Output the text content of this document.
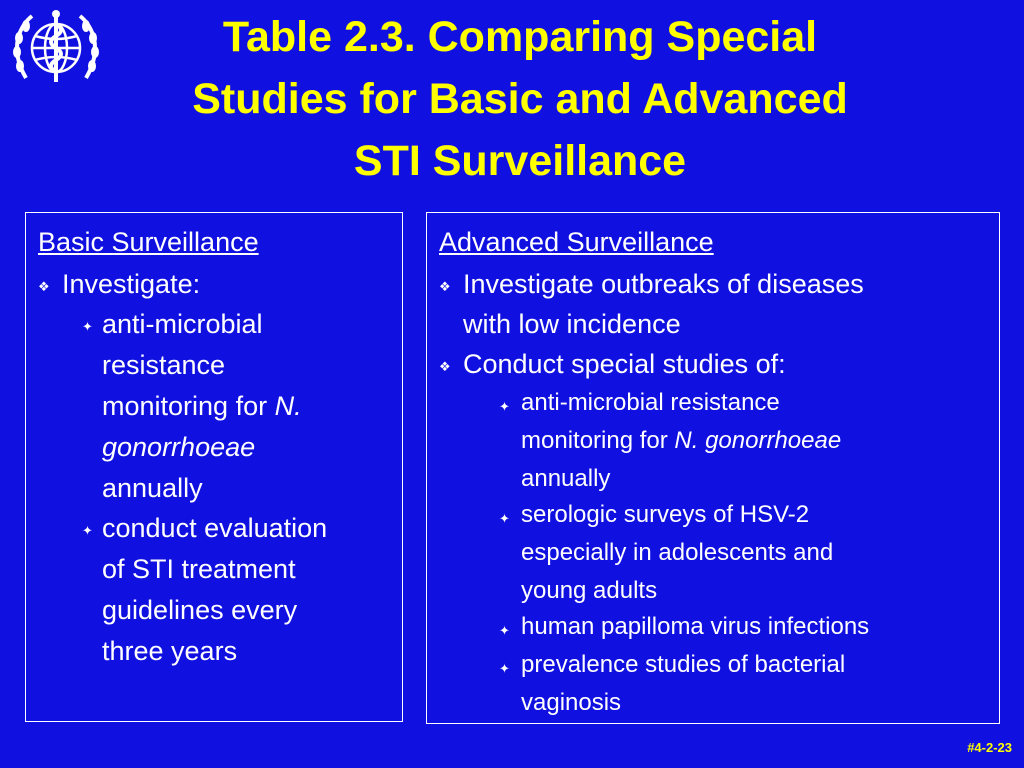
Table 2.3. Comparing Special
Studies for Basic and Advanced
STI Surveillance
Basic Surveillance
❖ Investigate:
✦ anti-microbial
resistance
monitoring for N.
gonorrhoeae
annually
✦ conduct evaluation
of STI treatment
guidelines every
three years
Advanced Surveillance
❖ Investigate outbreaks of diseases
with low incidence
❖ Conduct special studies of:
✦ anti-microbial resistance
monitoring for N. gonorrhoeae
annually
✦ serologic surveys of HSV-2
especially in adolescents and
young adults
✦ human papilloma virus infections
✦ prevalence studies of bacterial
vaginosis
#4-2-23
